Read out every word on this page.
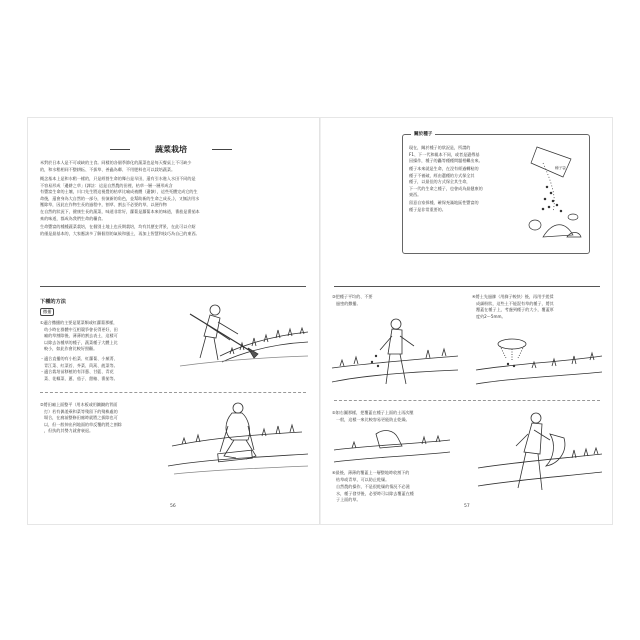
蔬菜栽培

米對於日本人是不可或缺的主食。同樣的各個季節化的蔬菜也是每天餐桌上不可缺少

的，和水稻相同不整耕耘、不拔草、善蟲為鄰、不用肥料也可以栽培蔬菜。

概念基本上是和水稻一樣的，只是經營生命的舞台是旱田，還有引水進入水田不同的是

不容易形成「邊耕之草」(譯註：這是自然農的田裡，枯草一層一層形成含

有豐富生命的土壤，川口先生將這視覺的枯草比喻成被體（遺骸），這些死體完成它的生

命後，還會身為大自然的一部分，扮演新的角色，並幫助新的生命之成長。)，又無法用水

壓除草，因此在作物生長的過程中，割草、割去不必要的草，以便作物

在自然的狀況下，健康生長的蔬菜，味道非常好，蘿蔔是蘿蔔本來的味道，番茄是番茄本

來的味道，都成為我們生命的糧食。

生命豐富的種種蔬菜栽培，在個別土地上也長期栽培，均有其歷史背景，在此可以介紹

的僅是最基本的，大家應該多了解個別的氣候和風土，再加上智慧和技巧為自己的東西。

下種的方法
撒播

①適合撒播的主要是葉菜類或紅蘿蔔那樣，

幼小時在群體中互相競爭會長得更好，田

廂的草割除後，薄薄的割去表土，這樣可

以除去各種草的種子，蔬菜種子大體上比

較小，如此作會比較好照顧。

・適合直播的有小松菜、紅蘿蔔、小蕪菁、

青江菜、紅菜苔、芥菜、茼蒿、菠菜等。

・適合栽培苗移植的有洋蔥、甘藍、青花

菜、花椰菜、蔥、茄子、甜椒、番茄等。

②將田廂上面整平（用木板或用鋤鋤的背面

打）若有偶羞乘和菜等殘留下的殘株處的

場合，在廊前整修田廊時就將之拔除也可

以，但一般伸出到地面的草反覆的將之割除

，但扶的其勢力就會衰退。

56
關於種子

現在，關於種子的狀況是，所謂的

F1、下一代和親本不同，或者是遺傳基

因操作，種子的轟等種種問題相繼出來。

種子本來就是生命，在沒有經過轉粘的

種子不被破，經由選種的方式保全其

種子，以最佳的方式保全其生命，

下一代的生命之種子，也會成為最健康的

東西。

留意自家採種，確保充滿地區性豐富的

種子是非常重要的。

種子袋

③把種子平均的、不要

過密的撒播。

④將土先過篩（用篩子較快）後，再用手搓揉

成細粉狀，這些土不能混有草的種子，將其

覆蓋在種子上，考慮到種子的大小，覆蓋厚

度約2～5mm。

⑤如右圖那樣，把覆蓋在種子上面的土再次壓

一般，這樣一來比較容易更能防止乾燥。

⑥最後，薄薄的覆蓋上一層整地時收割下的

枯草或青草，可以防止乾燥。

自然農的操作，不是很乾燥的情況不必澆

水，種子發芽後，必要時可以除去覆蓋在種

子上面的草。

57
